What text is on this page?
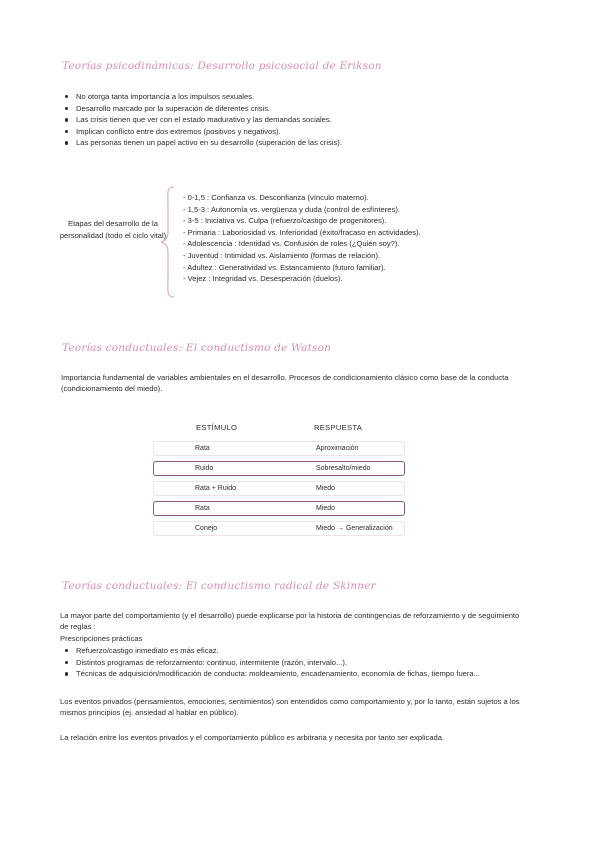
Teorías psicodinámicas: Desarrollo psicosocial de Erikson
No otorga tanta importancia a los impulsos sexuales.
Desarrollo marcado por la superación de diferentes crisis.
Las crisis tienen que ver con el estado madurativo y las demandas sociales.
Implican conflicto entre dos extremos (positivos y negativos).
Las personas tienen un papel activo en su desarrollo (superación de las crisis).
Etapas del desarrollo de la personalidad (todo el ciclo vital)
- 0-1,5 : Confianza vs. Desconfianza (vínculo materno).
- 1,5-3 : Autonomía vs. vergüenza y duda (control de esfínteres).
- 3-5 : Iniciativa vs. Culpa (refuerzo/castigo de progenitores).
- Primaria : Laboriosidad vs. Inferioridad (éxito/fracaso en actividades).
- Adolescencia : Identidad vs. Confusión de roles (¿Quién soy?).
- Juventud : Intimidad vs. Aislamiento (formas de relación).
- Adultez : Generatividad vs. Estancamiento (futuro familiar).
- Vejez : Integridad vs. Desesperación (duelos).
Teorías conductuales: El conductismo de Watson
Importancia fundamental de variables ambientales en el desarrollo. Procesos de condicionamiento clásico como base de la conducta (condicionamiento del miedo).
ESTÍMULO	RESPUESTA
Rata	Aproximación
Ruido	Sobresalto/miedo
Rata + Ruido	Miedo
Rata	Miedo
Conejo	Miedo → Generalización
Teorías conductuales: El conductismo radical de Skinner
La mayor parte del comportamiento (y el desarrollo) puede explicarse por la historia de contingencias de reforzamiento y de seguimiento de reglas :
Prescripciones prácticas
Refuerzo/castigo inmediato es más eficaz.
Distintos programas de reforzamiento: continuo, intermitente (razón, intervalo...).
Técnicas de adquisición/modificación de conducta: moldeamiento, encadenamiento, economía de fichas, tiempo fuera...
Los eventos privados (pensamientos, emociones, sentimientos) son entendidos como comportamiento y, por lo tanto, están sujetos a los mismos principios (ej. ansiedad al hablar en público).
La relación entre los eventos privados y el comportamiento público es arbitraria y necesita por tanto ser explicada.
